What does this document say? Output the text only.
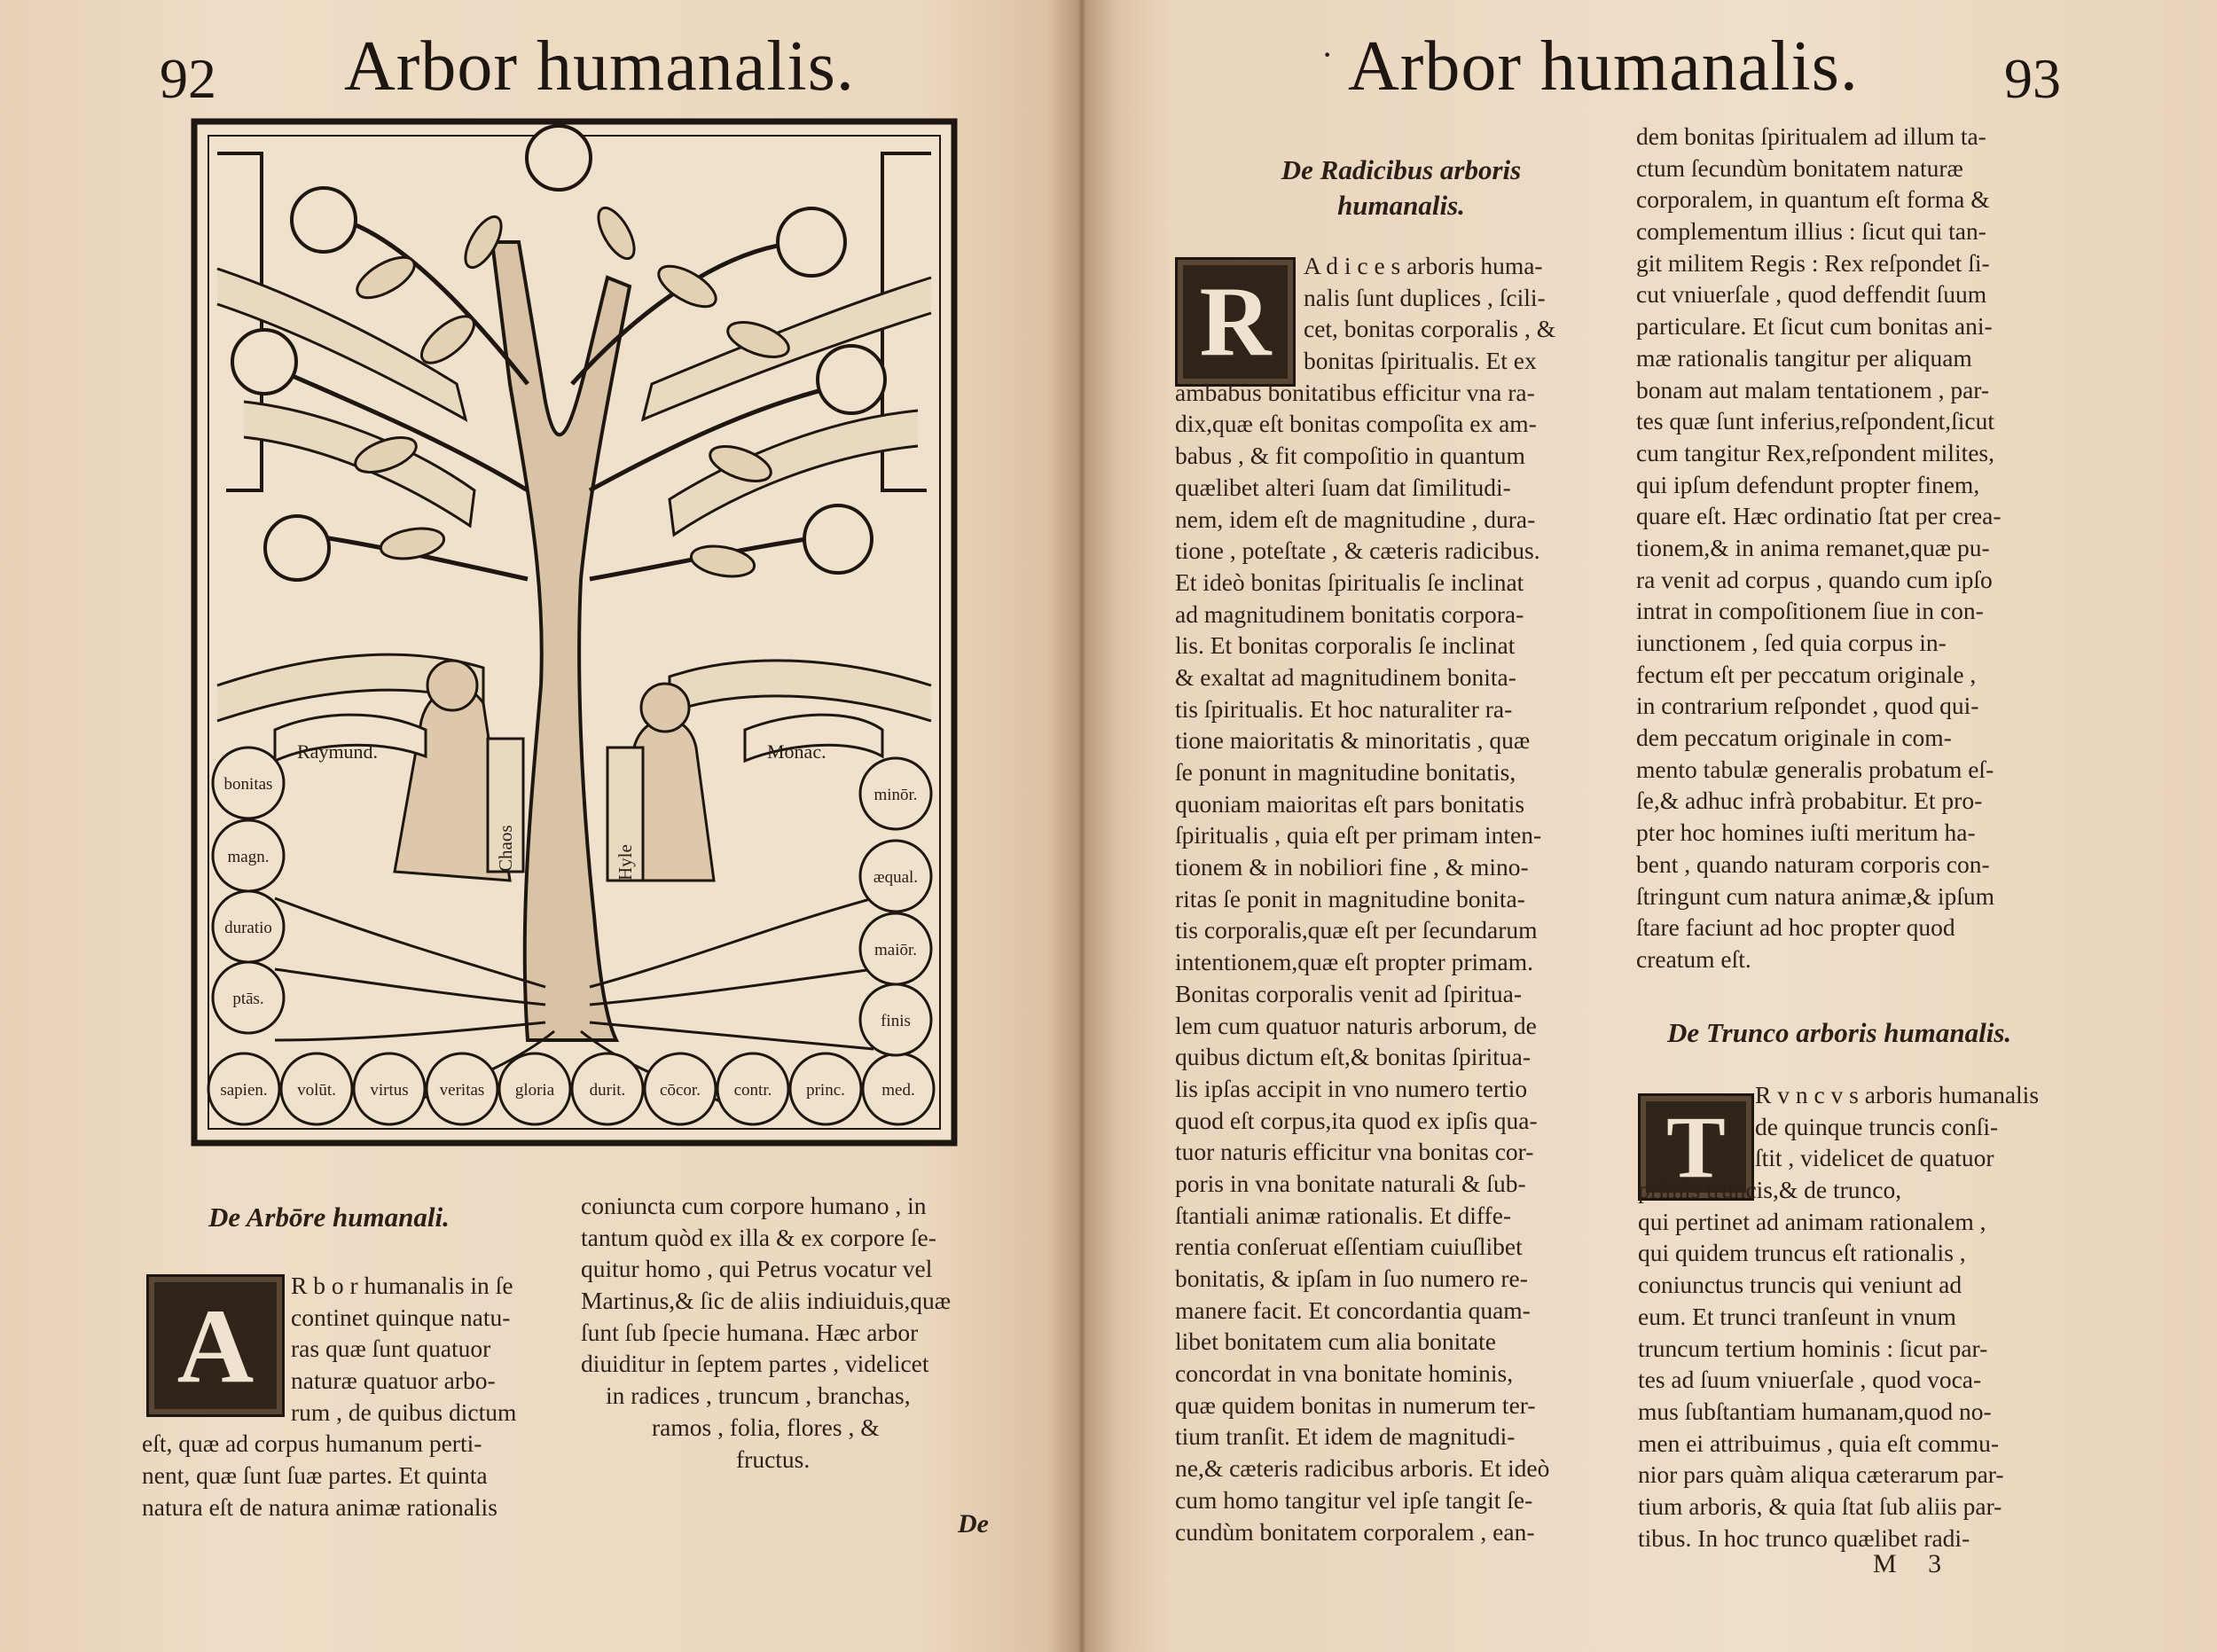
92 Arbor humanalis.
Raymund.	Monac.
Chaos	Hyle
bonitas
magn.
duratio
ptās.
sapien. volūt. virtus veritas gloria durit. cōcor. contr. princ. med.
minōr.
æqual.
maiōr.
finis
De Arbōre humanali.
A
R b o r humanalis in ſe
continet quinque natu-
ras quæ ſunt quatuor
naturæ quatuor arbo-
rum , de quibus dictum
eſt, quæ ad corpus humanum perti-
nent, quæ ſunt ſuæ partes. Et quinta
natura eſt de natura animæ rationalis
coniuncta cum corpore humano , in
tantum quòd ex illa & ex corpore ſe-
quitur homo , qui Petrus vocatur vel
Martinus,& ſic de aliis indiuiduis,quæ
ſunt ſub ſpecie humana. Hæc arbor
diuiditur in ſeptem partes , videlicet
in radices , truncum , branchas,
ramos , folia, flores , &
fructus.
De
· Arbor humanalis.	93
De Radicibus arboris
humanalis.
R
A d i c e s arboris huma-
nalis ſunt duplices , ſcili-
cet, bonitas corporalis , &
bonitas ſpiritualis. Et ex
ambabus bonitatibus efficitur vna ra-
dix,quæ eſt bonitas compoſita ex am-
babus , & fit compoſitio in quantum
quælibet alteri ſuam dat ſimilitudi-
nem, idem eſt de magnitudine , dura-
tione , poteſtate , & cæteris radicibus.
Et ideò bonitas ſpiritualis ſe inclinat
ad magnitudinem bonitatis corpora-
lis. Et bonitas corporalis ſe inclinat
& exaltat ad magnitudinem bonita-
tis ſpiritualis. Et hoc naturaliter ra-
tione maioritatis & minoritatis , quæ
ſe ponunt in magnitudine bonitatis,
quoniam maioritas eſt pars bonitatis
ſpiritualis , quia eſt per primam inten-
tionem & in nobiliori fine , & mino-
ritas ſe ponit in magnitudine bonita-
tis corporalis,quæ eſt per ſecundarum
intentionem,quæ eſt propter primam.
Bonitas corporalis venit ad ſpiritua-
lem cum quatuor naturis arborum, de
quibus dictum eſt,& bonitas ſpiritua-
lis ipſas accipit in vno numero tertio
quod eſt corpus,ita quod ex ipſis qua-
tuor naturis efficitur vna bonitas cor-
poris in vna bonitate naturali & ſub-
ſtantiali animæ rationalis. Et diffe-
rentia conſeruat eſſentiam cuiuſlibet
bonitatis, & ipſam in ſuo numero re-
manere facit. Et concordantia quam-
libet bonitatem cum alia bonitate
concordat in vna bonitate hominis,
quæ quidem bonitas in numerum ter-
tium tranſit. Et idem de magnitudi-
ne,& cæteris radicibus arboris. Et ideò
cum homo tangitur vel ipſe tangit ſe-
cundùm bonitatem corporalem , ean-
dem bonitas ſpiritualem ad illum ta-
ctum ſecundùm bonitatem naturæ
corporalem, in quantum eſt forma &
complementum illius : ſicut qui tan-
git militem Regis : Rex reſpondet ſi-
cut vniuerſale , quod deffendit ſuum
particulare. Et ſicut cum bonitas ani-
mæ rationalis tangitur per aliquam
bonam aut malam tentationem , par-
tes quæ ſunt inferius,reſpondent,ſicut
cum tangitur Rex,reſpondent milites,
qui ipſum defendunt propter finem,
quare eſt. Hæc ordinatio ſtat per crea-
tionem,& in anima remanet,quæ pu-
ra venit ad corpus , quando cum ipſo
intrat in compoſitionem ſiue in con-
iunctionem , ſed quia corpus in-
fectum eſt per peccatum originale ,
in contrarium reſpondet , quod qui-
dem peccatum originale in com-
mento tabulæ generalis probatum eſ-
ſe,& adhuc infrà probabitur. Et pro-
pter hoc homines iuſti meritum ha-
bent , quando naturam corporis con-
ſtringunt cum natura animæ,& ipſum
ſtare faciunt ad hoc propter quod
creatum eſt.
De Trunco arboris humanalis.
T
R v n c v s arboris humanalis
de quinque truncis conſi-
ſtit , videlicet de quatuor
primis truncis,& de trunco,
qui pertinet ad animam rationalem ,
qui quidem truncus eſt rationalis ,
coniunctus truncis qui veniunt ad
eum. Et trunci tranſeunt in vnum
truncum tertium hominis : ſicut par-
tes ad ſuum vniuerſale , quod voca-
mus ſubſtantiam humanam,quod no-
men ei attribuimus , quia eſt commu-
nior pars quàm aliqua cæterarum par-
tium arboris, & quia ſtat ſub aliis par-
tibus. In hoc trunco quælibet radi-
M 3
